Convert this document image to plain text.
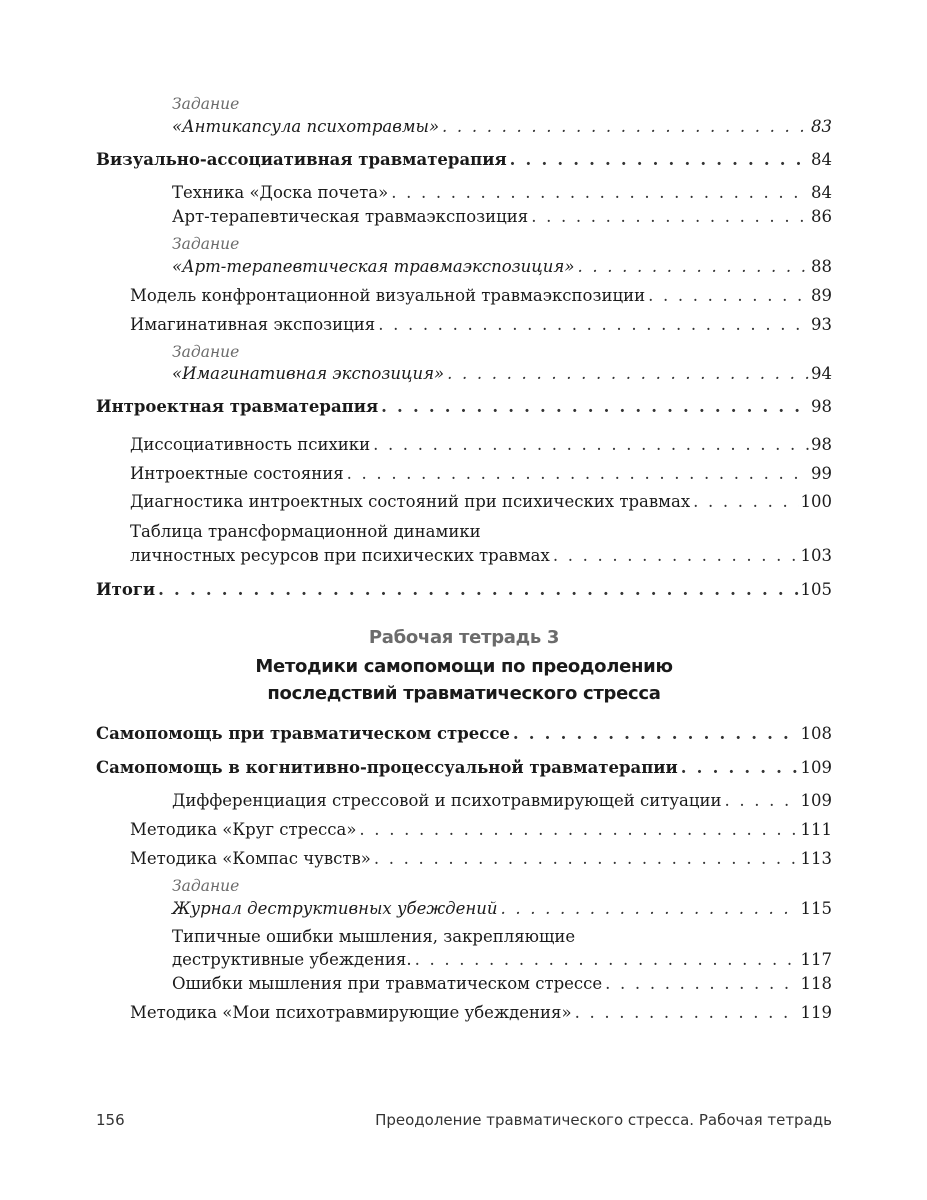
Задание
«Антикапсула психотравмы» . . .	83
Визуально-ассоциативная травматерапия . . .	84
Техника «Доска почета» . . .	84
Арт-терапевтическая травмаэкспозиция . . .	86
Задание
«Арт-терапевтическая травмаэкспозиция» . . .	88
Модель конфронтационной визуальной травмаэкспозиции . . .	89
Имагинативная экспозиция . . .	93
Задание
«Имагинативная экспозиция» . . .	94
Интроектная травматерапия . . .	98
Диссоциативность психики . . .	98
Интроектные состояния . . .	99
Диагностика интроектных состояний при психических травмах . . .	100
Таблица трансформационной динамики
личностных ресурсов при психических травмах . . .	103
Итоги . . .	105
Самопомощь при травматическом стрессе . . .	108
Самопомощь в когнитивно-процессуальной травматерапии . . .	109
Дифференциация стрессовой и психотравмирующей ситуации . . .	109
Методика «Круг стресса» . . .	111
Методика «Компас чувств» . . .	113
Задание
Журнал деструктивных убеждений . . .	115
Типичные ошибки мышления, закрепляющие
деструктивные убеждения. . . .	117
Ошибки мышления при травматическом стрессе . . .	118
Методика «Мои психотравмирующие убеждения» . . .	119
Рабочая тетрадь 3
Методики самопомощи по преодолению
последствий травматического стресса
156	Преодоление травматического стресса. Рабочая тетрадь
